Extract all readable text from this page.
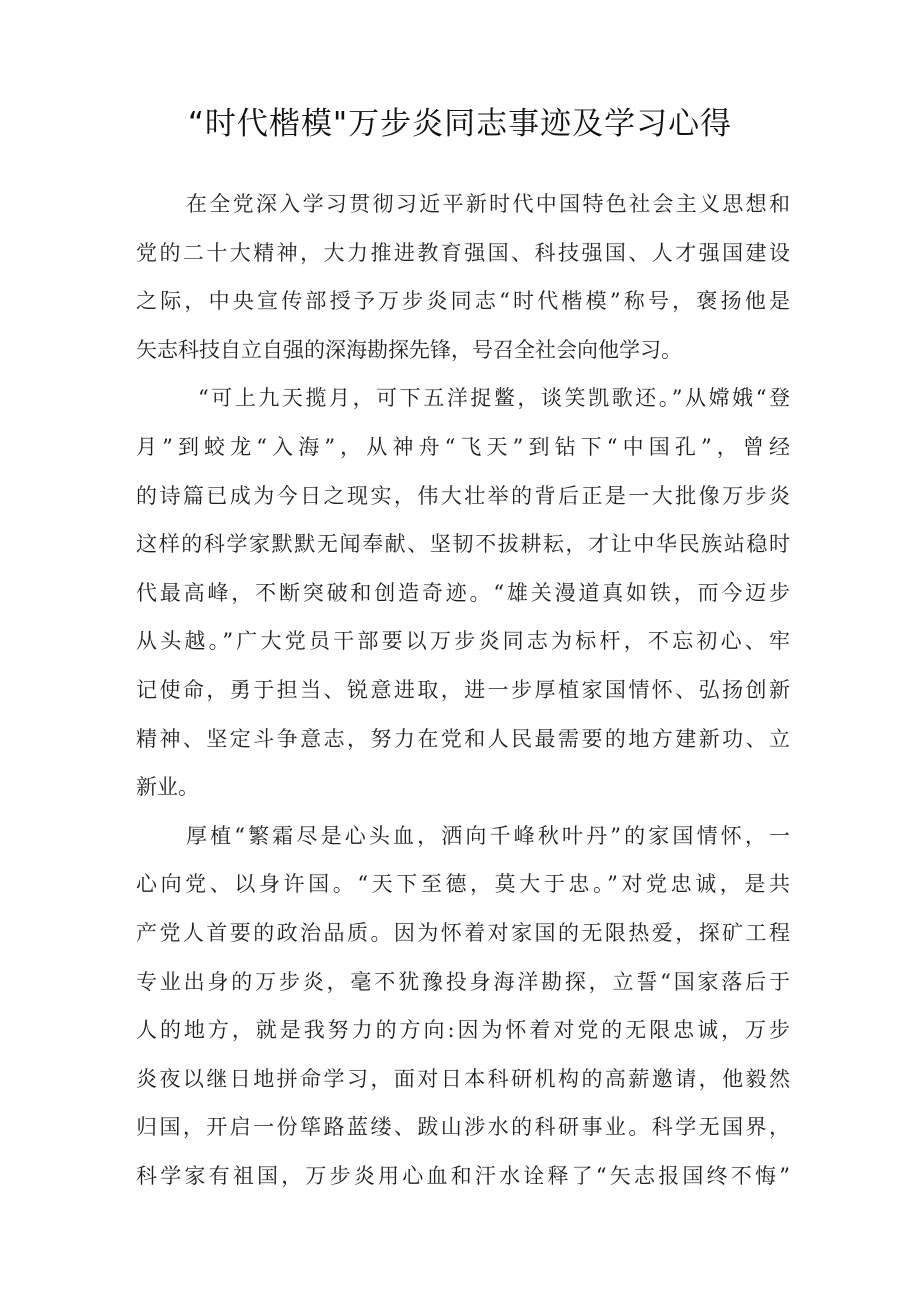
“时代楷模"万步炎同志事迹及学习心得
在全党深入学习贯彻习近平新时代中国特色社会主义思想和
党的二十大精神，大力推进教育强国、科技强国、人才强国建设
之际，中央宣传部授予万步炎同志“时代楷模”称号，褒扬他是
矢志科技自立自强的深海勘探先锋，号召全社会向他学习。
“可上九天揽月，可下五洋捉鳖，谈笑凯歌还。”从嫦娥“登
月”到蛟龙“入海”，从神舟“飞天”到钻下“中国孔”，曾经
的诗篇已成为今日之现实，伟大壮举的背后正是一大批像万步炎
这样的科学家默默无闻奉献、坚韧不拔耕耘，才让中华民族站稳时
代最高峰，不断突破和创造奇迹。“雄关漫道真如铁，而今迈步
从头越。”广大党员干部要以万步炎同志为标杆，不忘初心、牢
记使命，勇于担当、锐意进取，进一步厚植家国情怀、弘扬创新
精神、坚定斗争意志，努力在党和人民最需要的地方建新功、立
新业。
厚植“繁霜尽是心头血，洒向千峰秋叶丹”的家国情怀，一
心向党、以身许国。“天下至德，莫大于忠。”对党忠诚，是共
产党人首要的政治品质。因为怀着对家国的无限热爱，探矿工程
专业出身的万步炎，毫不犹豫投身海洋勘探，立誓“国家落后于
人的地方，就是我努力的方向:因为怀着对党的无限忠诚，万步
炎夜以继日地拼命学习，面对日本科研机构的高薪邀请，他毅然
归国，开启一份筚路蓝缕、跋山涉水的科研事业。科学无国界，
科学家有祖国，万步炎用心血和汗水诠释了“矢志报国终不悔”
